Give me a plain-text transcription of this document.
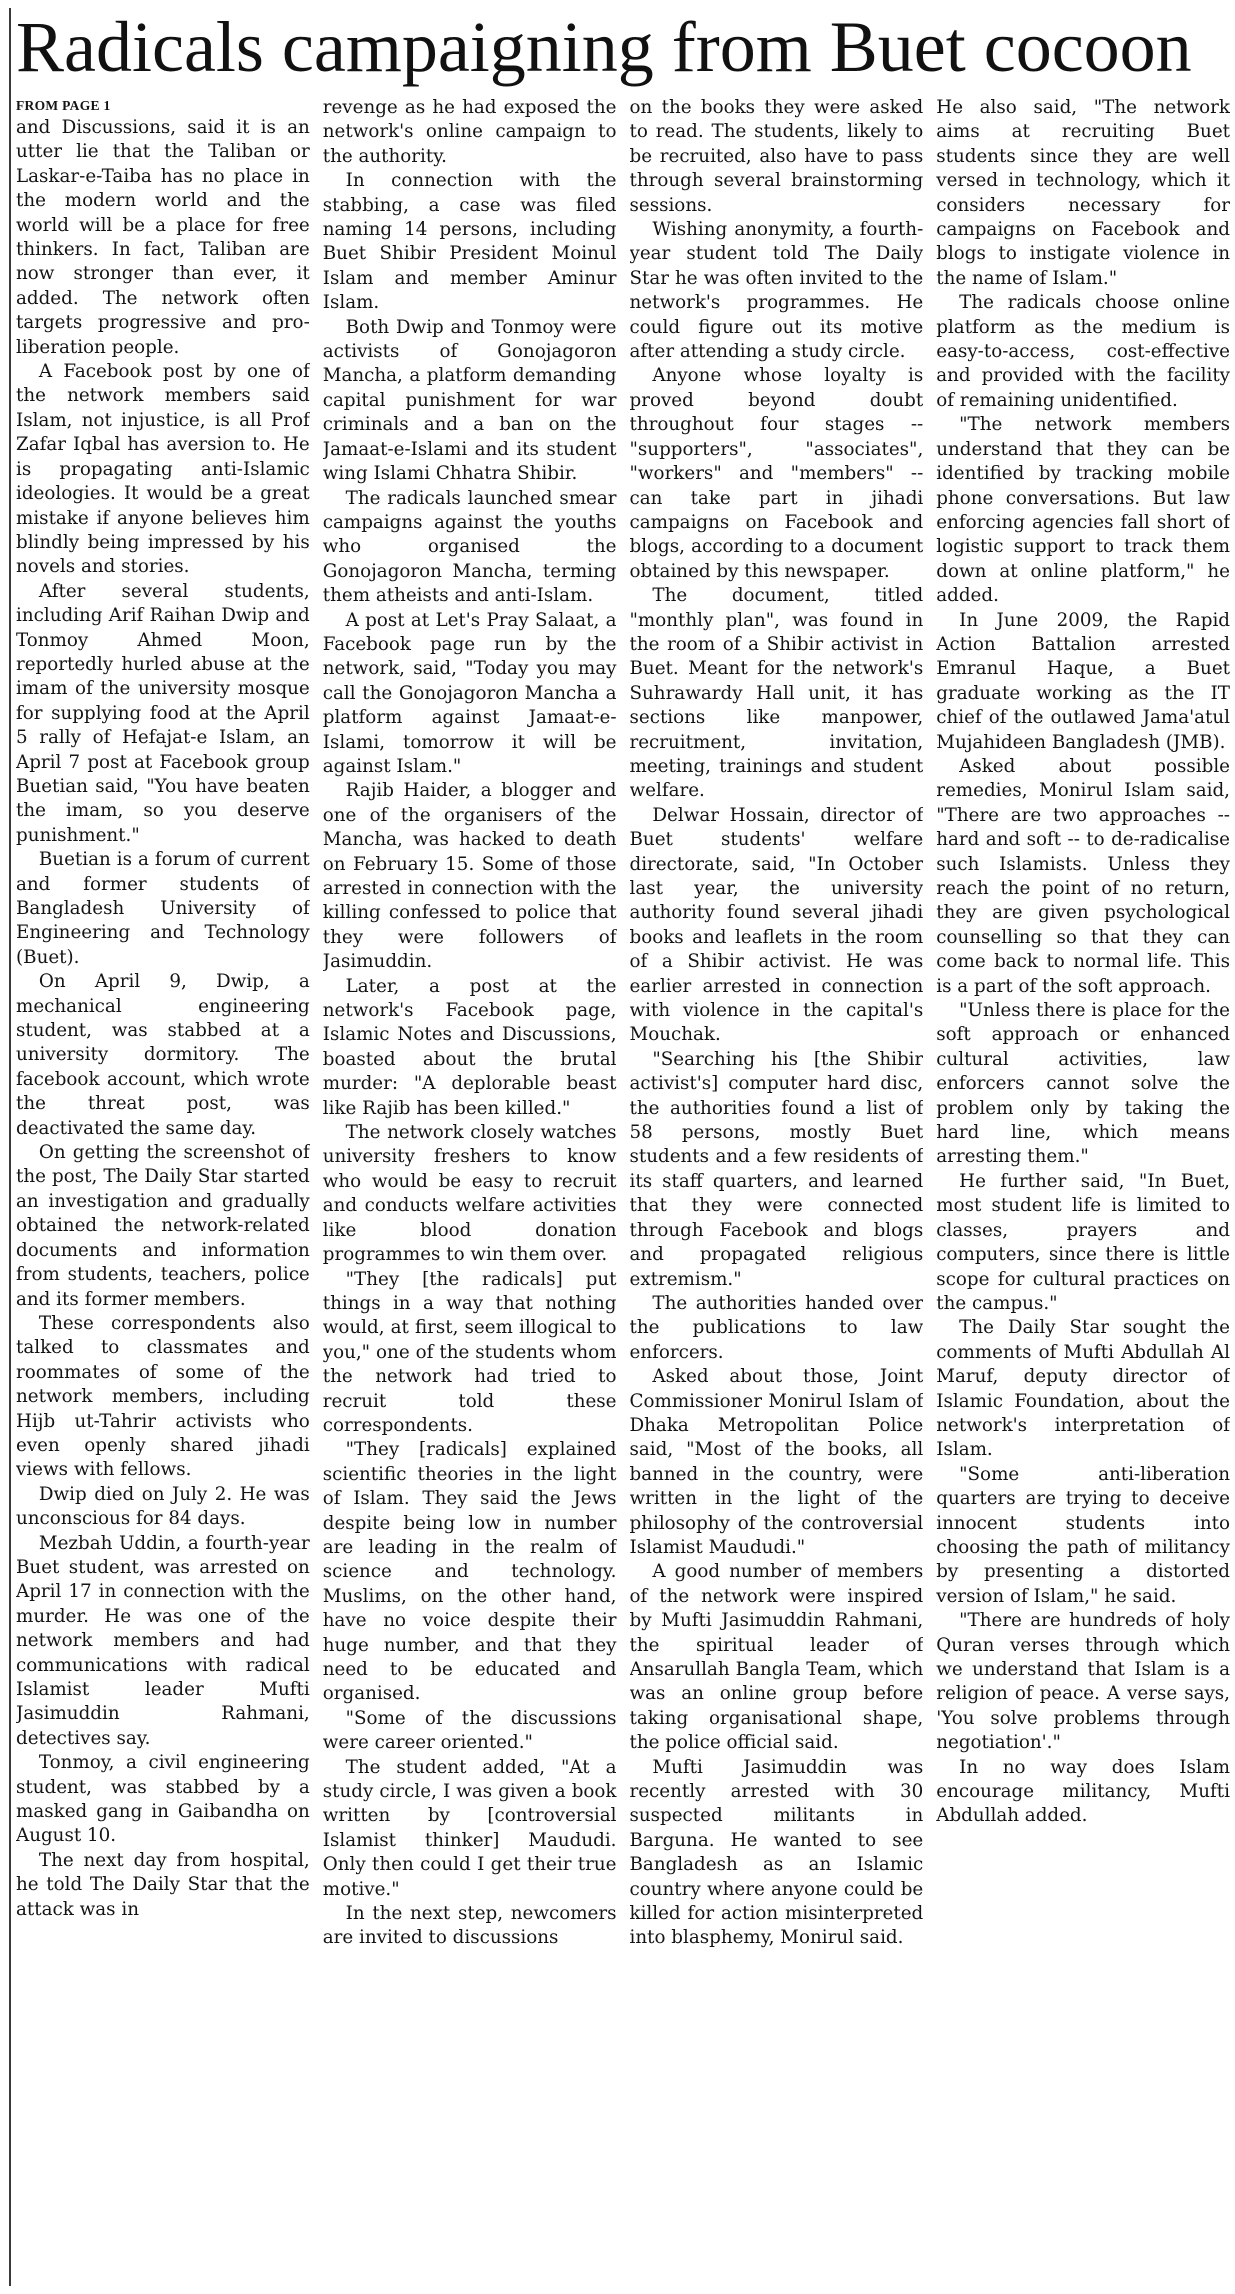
Radicals campaigning from Buet cocoon
FROM PAGE 1

and Discussions, said it is an utter lie that the Taliban or Laskar-e-Taiba has no place in the modern world and the world will be a place for free thinkers. In fact, Taliban are now stronger than ever, it added. The network often targets progressive and pro-liberation people.

A Facebook post by one of the network members said Islam, not injustice, is all Prof Zafar Iqbal has aversion to. He is propagating anti-Islamic ideologies. It would be a great mistake if anyone believes him blindly being impressed by his novels and stories.

After several students, including Arif Raihan Dwip and Tonmoy Ahmed Moon, reportedly hurled abuse at the imam of the university mosque for supplying food at the April 5 rally of Hefajat-e Islam, an April 7 post at Facebook group Buetian said, "You have beaten the imam, so you deserve punishment."

Buetian is a forum of current and former students of Bangladesh University of Engineering and Technology (Buet).

On April 9, Dwip, a mechanical engineering student, was stabbed at a university dormitory. The facebook account, which wrote the threat post, was deactivated the same day.

On getting the screenshot of the post, The Daily Star started an investigation and gradually obtained the network-related documents and information from students, teachers, police and its former members.

These correspondents also talked to classmates and roommates of some of the network members, including Hijb ut-Tahrir activists who even openly shared jihadi views with fellows.

Dwip died on July 2. He was unconscious for 84 days.

Mezbah Uddin, a fourth-year Buet student, was arrested on April 17 in connection with the murder. He was one of the network members and had communications with radical Islamist leader Mufti Jasimuddin Rahmani, detectives say.

Tonmoy, a civil engineering student, was stabbed by a masked gang in Gaibandha on August 10.

The next day from hospital, he told The Daily Star that the attack was in

revenge as he had exposed the network's online campaign to the authority.

In connection with the stabbing, a case was filed naming 14 persons, including Buet Shibir President Moinul Islam and member Aminur Islam.

Both Dwip and Tonmoy were activists of Gonojagoron Mancha, a platform demanding capital punishment for war criminals and a ban on the Jamaat-e-Islami and its student wing Islami Chhatra Shibir.

The radicals launched smear campaigns against the youths who organised the Gonojagoron Mancha, terming them atheists and anti-Islam.

A post at Let's Pray Salaat, a Facebook page run by the network, said, "Today you may call the Gonojagoron Mancha a platform against Jamaat-e-Islami, tomorrow it will be against Islam."

Rajib Haider, a blogger and one of the organisers of the Mancha, was hacked to death on February 15. Some of those arrested in connection with the killing confessed to police that they were followers of Jasimuddin.

Later, a post at the network's Facebook page, Islamic Notes and Discussions, boasted about the brutal murder: "A deplorable beast like Rajib has been killed."

The network closely watches university freshers to know who would be easy to recruit and conducts welfare activities like blood donation programmes to win them over.

"They [the radicals] put things in a way that nothing would, at first, seem illogical to you," one of the students whom the network had tried to recruit told these correspondents.

"They [radicals] explained scientific theories in the light of Islam. They said the Jews despite being low in number are leading in the realm of science and technology. Muslims, on the other hand, have no voice despite their huge number, and that they need to be educated and organised.

"Some of the discussions were career oriented."

The student added, "At a study circle, I was given a book written by [controversial Islamist thinker] Maududi. Only then could I get their true motive."

In the next step, newcomers are invited to discussions

on the books they were asked to read. The students, likely to be recruited, also have to pass through several brainstorming sessions.

Wishing anonymity, a fourth-year student told The Daily Star he was often invited to the network's programmes. He could figure out its motive after attending a study circle.

Anyone whose loyalty is proved beyond doubt throughout four stages -- "supporters", "associates", "workers" and "members" -- can take part in jihadi campaigns on Facebook and blogs, according to a document obtained by this newspaper.

The document, titled "monthly plan", was found in the room of a Shibir activist in Buet. Meant for the network's Suhrawardy Hall unit, it has sections like manpower, recruitment, invitation, meeting, trainings and student welfare.

Delwar Hossain, director of Buet students' welfare directorate, said, "In October last year, the university authority found several jihadi books and leaflets in the room of a Shibir activist. He was earlier arrested in connection with violence in the capital's Mouchak.

"Searching his [the Shibir activist's] computer hard disc, the authorities found a list of 58 persons, mostly Buet students and a few residents of its staff quarters, and learned that they were connected through Facebook and blogs and propagated religious extremism."

The authorities handed over the publications to law enforcers.

Asked about those, Joint Commissioner Monirul Islam of Dhaka Metropolitan Police said, "Most of the books, all banned in the country, were written in the light of the philosophy of the controversial Islamist Maududi."

A good number of members of the network were inspired by Mufti Jasimuddin Rahmani, the spiritual leader of Ansarullah Bangla Team, which was an online group before taking organisational shape, the police official said.

Mufti Jasimuddin was recently arrested with 30 suspected militants in Barguna. He wanted to see Bangladesh as an Islamic country where anyone could be killed for action misinterpreted into blasphemy, Monirul said.

He also said, "The network aims at recruiting Buet students since they are well versed in technology, which it considers necessary for campaigns on Facebook and blogs to instigate violence in the name of Islam."

The radicals choose online platform as the medium is easy-to-access, cost-effective and provided with the facility of remaining unidentified.

"The network members understand that they can be identified by tracking mobile phone conversations. But law enforcing agencies fall short of logistic support to track them down at online platform," he added.

In June 2009, the Rapid Action Battalion arrested Emranul Haque, a Buet graduate working as the IT chief of the outlawed Jama'atul Mujahideen Bangladesh (JMB).

Asked about possible remedies, Monirul Islam said, "There are two approaches -- hard and soft -- to de-radicalise such Islamists. Unless they reach the point of no return, they are given psychological counselling so that they can come back to normal life. This is a part of the soft approach.

"Unless there is place for the soft approach or enhanced cultural activities, law enforcers cannot solve the problem only by taking the hard line, which means arresting them."

He further said, "In Buet, most student life is limited to classes, prayers and computers, since there is little scope for cultural practices on the campus."

The Daily Star sought the comments of Mufti Abdullah Al Maruf, deputy director of Islamic Foundation, about the network's interpretation of Islam.

"Some anti-liberation quarters are trying to deceive innocent students into choosing the path of militancy by presenting a distorted version of Islam," he said.

"There are hundreds of holy Quran verses through which we understand that Islam is a religion of peace. A verse says, 'You solve problems through negotiation'."

In no way does Islam encourage militancy, Mufti Abdullah added.
